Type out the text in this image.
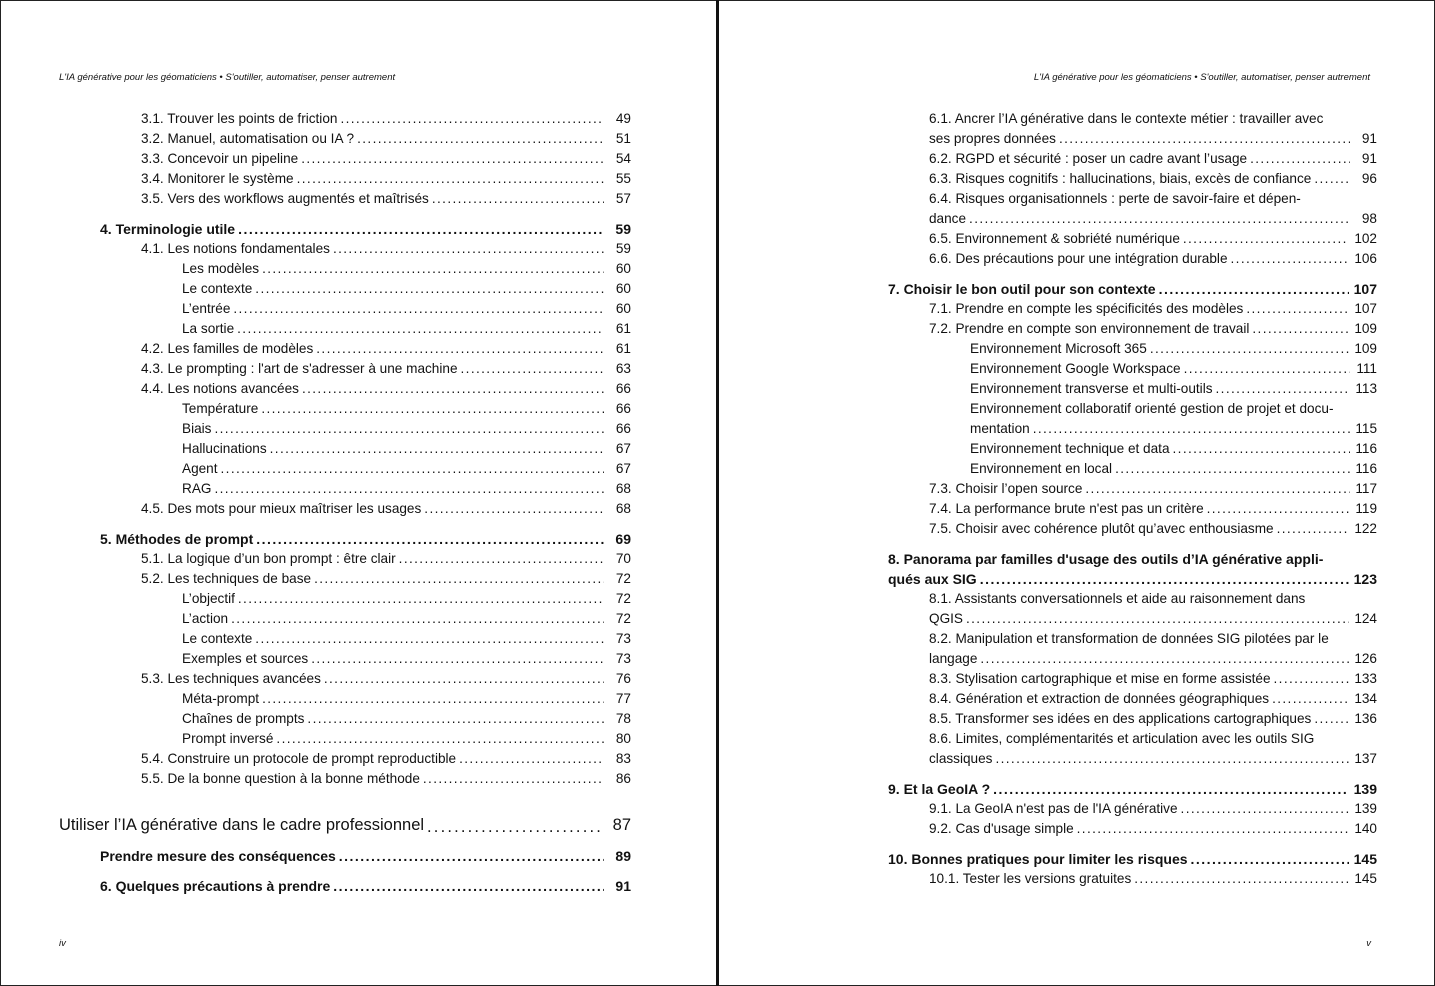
L'IA générative pour les géomaticiens • S'outiller, automatiser, penser autrement
3.1. Trouver les points de friction . . .	49
3.2. Manuel, automatisation ou IA ? . . .	51
3.3. Concevoir un pipeline . . .	54
3.4. Monitorer le système . . .	55
3.5. Vers des workflows augmentés et maîtrisés . . .	57
4. Terminologie utile . . .	59
4.1. Les notions fondamentales . . .	59
Les modèles . . .	60
Le contexte . . .	60
L’entrée . . .	60
La sortie . . .	61
4.2. Les familles de modèles . . .	61
4.3. Le prompting : l'art de s'adresser à une machine . . .	63
4.4. Les notions avancées . . .	66
Température . . .	66
Biais . . .	66
Hallucinations . . .	67
Agent . . .	67
RAG . . .	68
4.5. Des mots pour mieux maîtriser les usages . . .	68
5. Méthodes de prompt . . .	69
5.1. La logique d’un bon prompt : être clair . . .	70
5.2. Les techniques de base . . .	72
L’objectif . . .	72
L’action . . .	72
Le contexte . . .	73
Exemples et sources . . .	73
5.3. Les techniques avancées . . .	76
Méta-prompt . . .	77
Chaînes de prompts . . .	78
Prompt inversé . . .	80
5.4. Construire un protocole de prompt reproductible . . .	83
5.5. De la bonne question à la bonne méthode . . .	86
Utiliser l’IA générative dans le cadre professionnel . . .	87
Prendre mesure des conséquences . . .	89
6. Quelques précautions à prendre . . .	91
iv
L'IA générative pour les géomaticiens • S'outiller, automatiser, penser autrement
6.1. Ancrer l’IA générative dans le contexte métier : travailler avec
ses propres données . . .	91
6.2. RGPD et sécurité : poser un cadre avant l’usage . . .	91
6.3. Risques cognitifs : hallucinations, biais, excès de confiance . . .	96
6.4. Risques organisationnels : perte de savoir-faire et dépen-
dance . . .	98
6.5. Environnement & sobriété numérique . . .	102
6.6. Des précautions pour une intégration durable . . .	106
7. Choisir le bon outil pour son contexte . . .	107
7.1. Prendre en compte les spécificités des modèles . . .	107
7.2. Prendre en compte son environnement de travail . . .	109
Environnement Microsoft 365 . . .	109
Environnement Google Workspace . . .	111
Environnement transverse et multi-outils . . .	113
Environnement collaboratif orienté gestion de projet et docu-
mentation . . .	115
Environnement technique et data . . .	116
Environnement en local . . .	116
7.3. Choisir l’open source . . .	117
7.4. La performance brute n'est pas un critère . . .	119
7.5. Choisir avec cohérence plutôt qu’avec enthousiasme . . .	122
8. Panorama par familles d'usage des outils d’IA générative appli-
qués aux SIG . . .	123
8.1. Assistants conversationnels et aide au raisonnement dans
QGIS . . .	124
8.2. Manipulation et transformation de données SIG pilotées par le
langage . . .	126
8.3. Stylisation cartographique et mise en forme assistée . . .	133
8.4. Génération et extraction de données géographiques . . .	134
8.5. Transformer ses idées en des applications cartographiques . . .	136
8.6. Limites, complémentarités et articulation avec les outils SIG
classiques . . .	137
9. Et la GeoIA ? . . .	139
9.1. La GeoIA n'est pas de l'IA générative . . .	139
9.2. Cas d'usage simple . . .	140
10. Bonnes pratiques pour limiter les risques . . .	145
10.1. Tester les versions gratuites . . .	145
v
